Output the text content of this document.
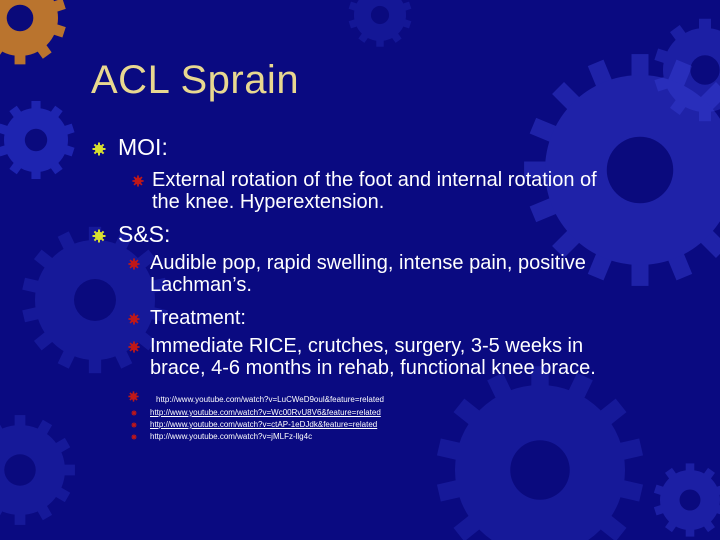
ACL Sprain
MOI:
External rotation of the foot and internal rotation of
the knee. Hyperextension.
S&S:
Audible pop, rapid swelling, intense pain, positive
Lachman’s.
Treatment:
Immediate RICE, crutches, surgery, 3-5 weeks in
brace, 4-6 months in rehab, functional knee brace.
http://www.youtube.com/watch?v=LuCWeD9oul&feature=related
http://www.youtube.com/watch?v=Wc00RvU8V6&feature=related
http://www.youtube.com/watch?v=ctAP-1eDJdk&feature=related
http://www.youtube.com/watch?v=jMLFz-llg4c
